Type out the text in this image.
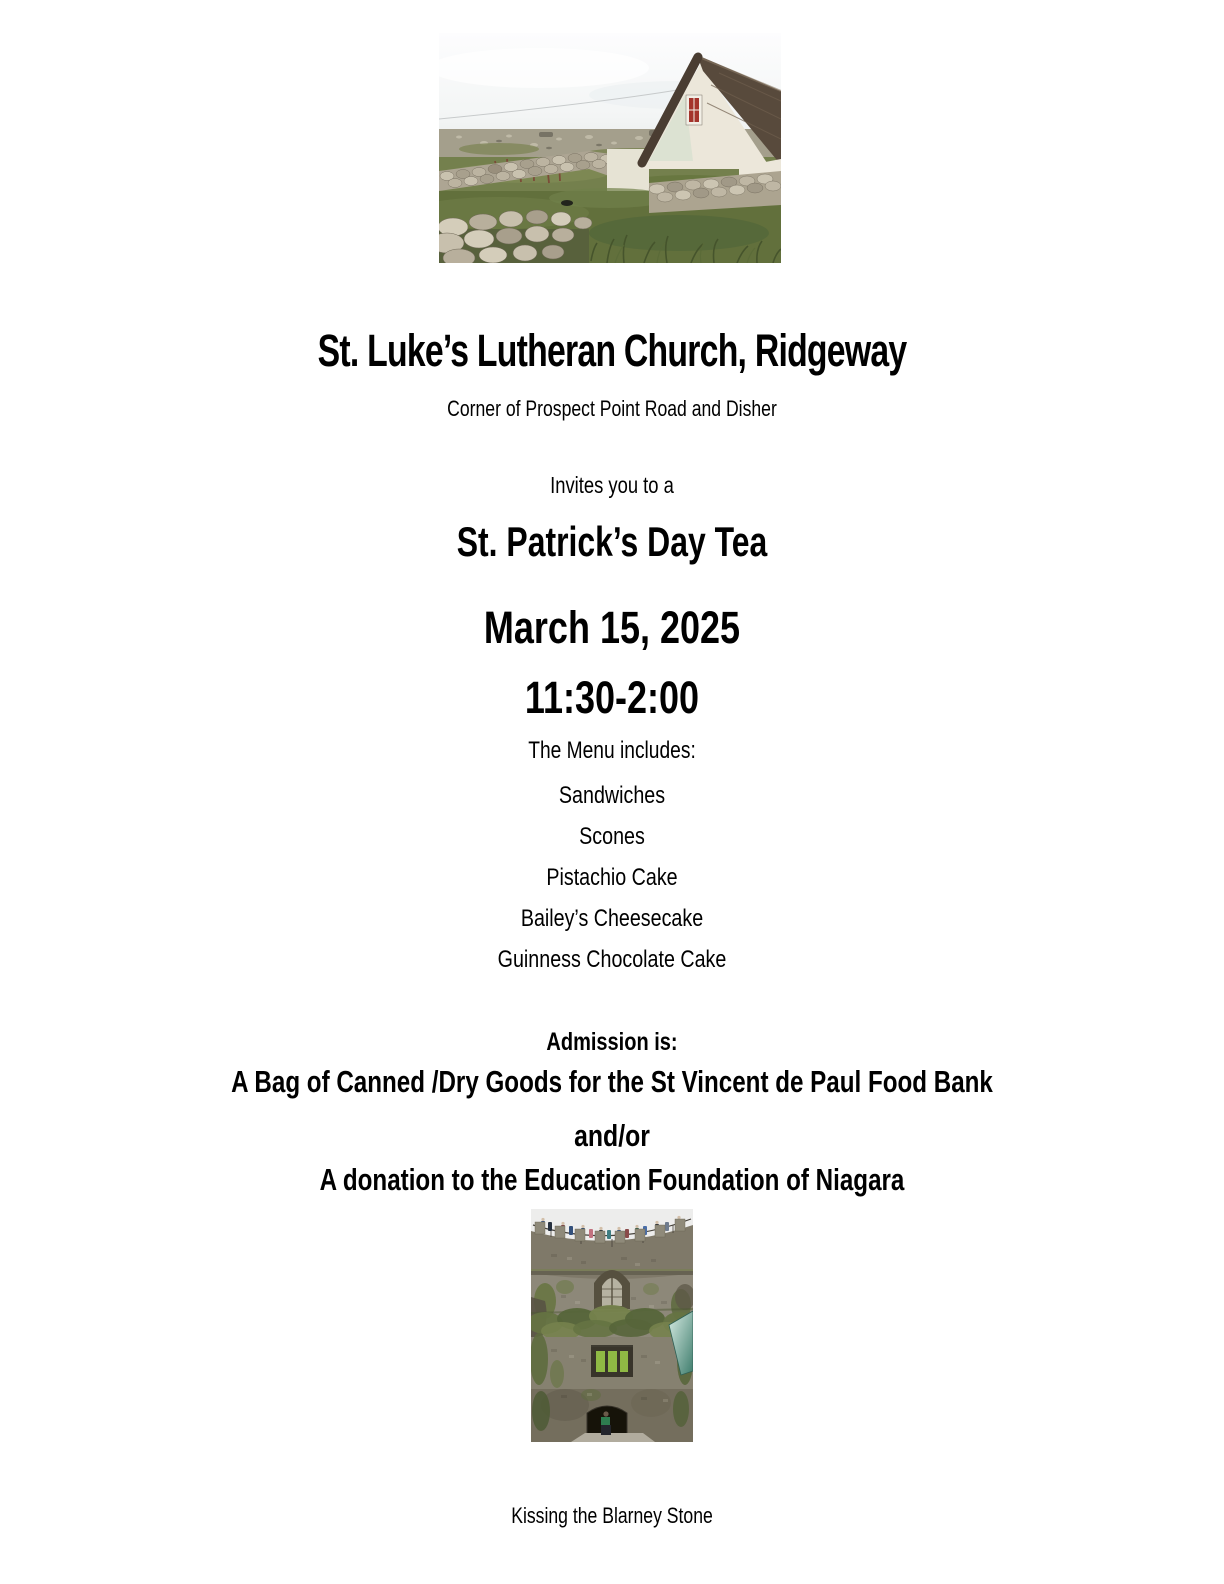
St. Luke’s Lutheran Church, Ridgeway
Corner of Prospect Point Road and Disher
Invites you to a
St. Patrick’s Day Tea
March 15, 2025
11:30-2:00
The Menu includes:
Sandwiches
Scones
Pistachio Cake
Bailey’s Cheesecake
Guinness Chocolate Cake
Admission is:
A Bag of Canned /Dry Goods for the St Vincent de Paul Food Bank
and/or
A donation to the Education Foundation of Niagara
Kissing the Blarney Stone
